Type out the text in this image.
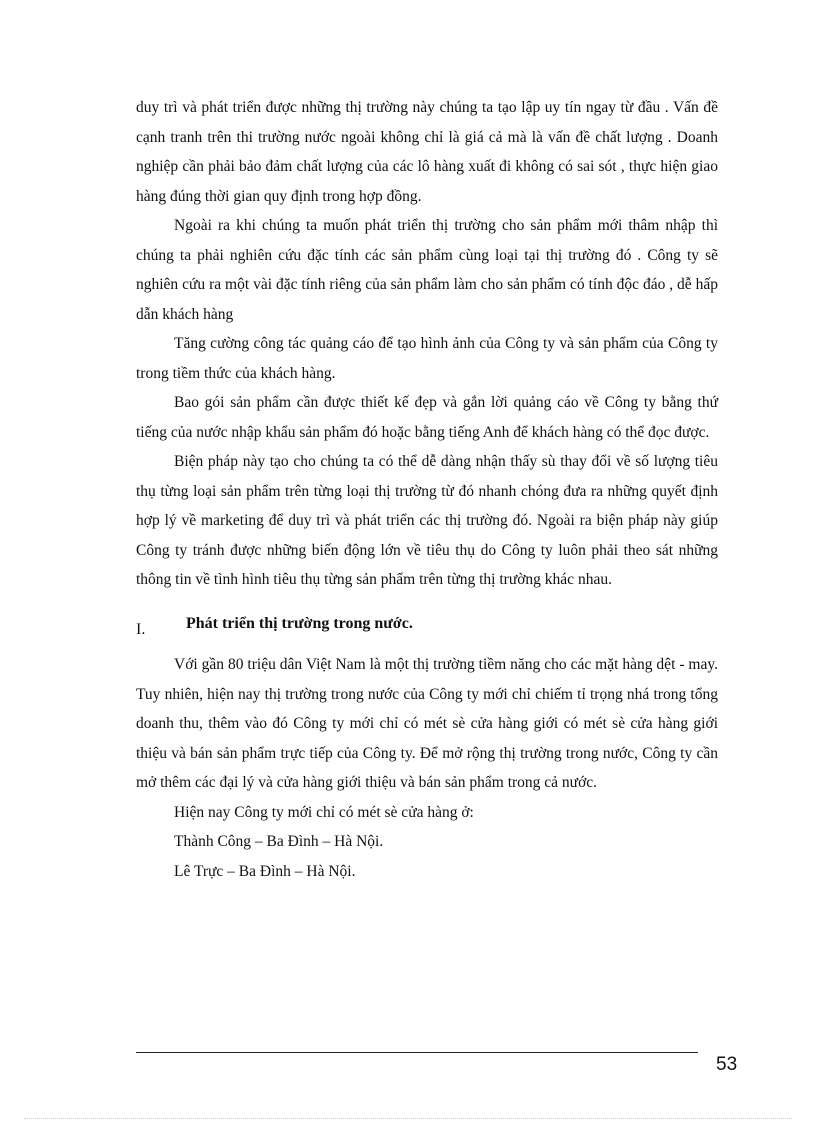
duy trì và phát triển được những thị trường này chúng ta tạo lập uy tín ngay từ đầu . Vấn đề cạnh tranh trên thi trường nước ngoài không chỉ là giá cả mà là vấn đề chất lượng . Doanh nghiệp cần phải bảo đảm chất lượng của các lô hàng xuất đi không có sai sót , thực hiện giao hàng đúng thời gian quy định trong hợp đồng.

Ngoài ra khi chúng ta muốn phát triển thị trường cho sản phẩm mới thâm nhập thì chúng ta phải nghiên cứu đặc tính các sản phẩm cùng loại tại thị trường đó . Công ty sẽ nghiên cứu ra một vài đặc tính riêng của sản phẩm làm cho sản phẩm có tính độc đáo , dễ hấp dẫn khách hàng

Tăng cường công tác quảng cáo để tạo hình ảnh của Công ty và sản phẩm của Công ty trong tiềm thức của khách hàng.

Bao gói sản phẩm cần được thiết kế đẹp và gắn lời quảng cáo về Công ty bằng thứ tiếng của nước nhập khẩu sản phẩm đó hoặc bằng tiếng Anh để khách hàng có thể đọc được.

Biện pháp này tạo cho chúng ta có thể dễ dàng nhận thấy sù thay đổi về số lượng tiêu thụ từng loại sản phẩm trên từng loại thị trường từ đó nhanh chóng đưa ra những quyết định hợp lý về marketing để duy trì và phát triển các thị trường đó. Ngoài ra biện pháp này giúp Công ty tránh được những biến động lớn về tiêu thụ do Công ty luôn phải theo sát những thông tin về tình hình tiêu thụ từng sản phẩm trên từng thị trường khác nhau.

I.	Phát triển thị trường trong nước.

Với gần 80 triệu dân Việt Nam là một thị trường tiềm năng cho các mặt hàng dệt - may. Tuy nhiên, hiện nay thị trường trong nước của Công ty mới chỉ chiếm tỉ trọng nhá trong tổng doanh thu, thêm vào đó Công ty mới chỉ có mét sè cửa hàng giới có mét sè cửa hàng giới thiệu và bán sản phẩm trực tiếp của Công ty. Để mở rộng thị trường trong nước, Công ty cần mở thêm các đại lý và cửa hàng giới thiệu và bán sản phẩm trong cả nước.

Hiện nay Công ty mới chỉ có mét sè cửa hàng ở:

Thành Công – Ba Đình – Hà Nội.

Lê Trực – Ba Đình – Hà Nội.

53
